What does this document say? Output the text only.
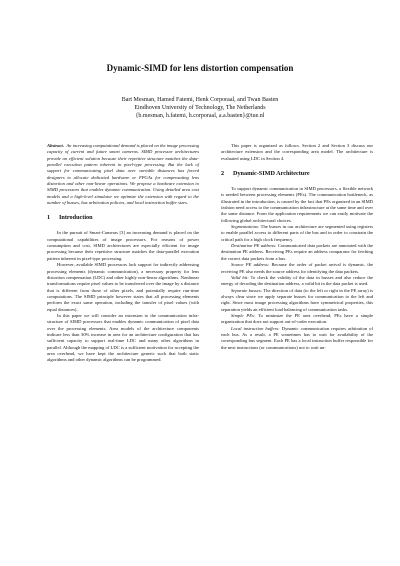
Dynamic-SIMD for lens distortion compensation
Bart Mesman, Hamed Fatemi, Henk Corporaal, and Twan Basten
Eindhoven University of Technology, The Netherlands
{b.mesman, h.fatemi, h.corporaal, a.a.basten}@tue.nl

Abstract. An increasing computational demand is placed on the image processing capacity of current and future smart cameras. SIMD processor architectures provide an efficient solution because their repetitive structure matches the data-parallel execution pattern inherent in pixel-type processing. But the lack of support for communicating pixel data over variable distances has forced designers to allocate dedicated hardware or FPGAs for compensating lens distortion and other non-linear operations. We propose a hardware extension to SIMD processors that enables dynamic communication. Using detailed area cost models and a high-level simulator we optimize the extension with regard to the number of busses, bus arbitration policies, and local instruction buffer sizes.

1 Introduction

In the pursuit of Smart-Cameras [3] an increasing demand is placed on the computational capabilities of image processors. For reasons of power consumption and cost, SIMD architectures are especially efficient for image processing because their repetitive structure matches the data-parallel execution pattern inherent in pixel-type processing.

However, available SIMD processors lack support for indirectly addressing processing elements (dynamic communication), a necessary property for lens distortion compensation (LDC) and other highly non-linear algorithms. Nonlinear transformations require pixel values to be transferred over the image by a distance that is different from those of other pixels, and potentially require run-time computations. The SIMD principle however states that all processing elements perform the exact same operation, including the transfer of pixel values (with equal distances).

In this paper we will consider an extension to the communication infra-structure of SIMD processors that enables dynamic communication of pixel data over the processing elements. Area models of the architecture components indicate less than 30% increase in area for an architecture configuration that has sufficient capacity to support real-time LDC and many other algorithms in parallel. Although the mapping of LDC is a sufficient motivation for accepting the area overhead, we have kept the architecture generic such that both static algorithms and other dynamic algorithms can be programmed.

This paper is organized as follows. Section 2 and Section 3 discuss our architecture extension and the corresponding area model. The architecture is evaluated using LDC in Section 4.

2 Dynamic-SIMD Architecture

To support dynamic communication in SIMD processors, a flexible network is needed between processing elements (PEs). The communication bottleneck, as illustrated in the introduction, is caused by the fact that PEs organized in an SIMD fashion need access to the communication infrastructure at the same time and over the same distance. From the application requirements we can easily motivate the following global architectural choices.

Segmentations: The busses in our architecture are segmented using registers to enable parallel access to different parts of the bus and in order to constrain the critical path for a high clock frequency.

Destination PE address: Communicated data packets are annotated with the destination PE address. Receiving PEs require an address comparator for fetching the correct data packets from a bus.

Source PE address: Because the order of packet arrival is dynamic, the receiving PE also needs the source address for identifying the data packets.

Valid bit: To check the validity of the data in busses and also reduce the energy of decoding the destination address, a valid bit in the data packet is used.

Separate busses: The direction of data (to the left or right in the PE array) is always clear since we apply separate busses for communication to the left and right. Since most image processing algorithms have symmetrical properties, this separation yields an efficient load balancing of communication tasks.

Simple PEs: To minimize the PE area overhead, PEs have a simple organization that does not support out-of-order execution.

Local instruction buffers: Dynamic communication requires arbitration of each bus. As a result, a PE sometimes has to wait for availability of the corresponding bus segment. Each PE has a local instruction buffer responsible for the next instructions (or communications) not to wait un-
